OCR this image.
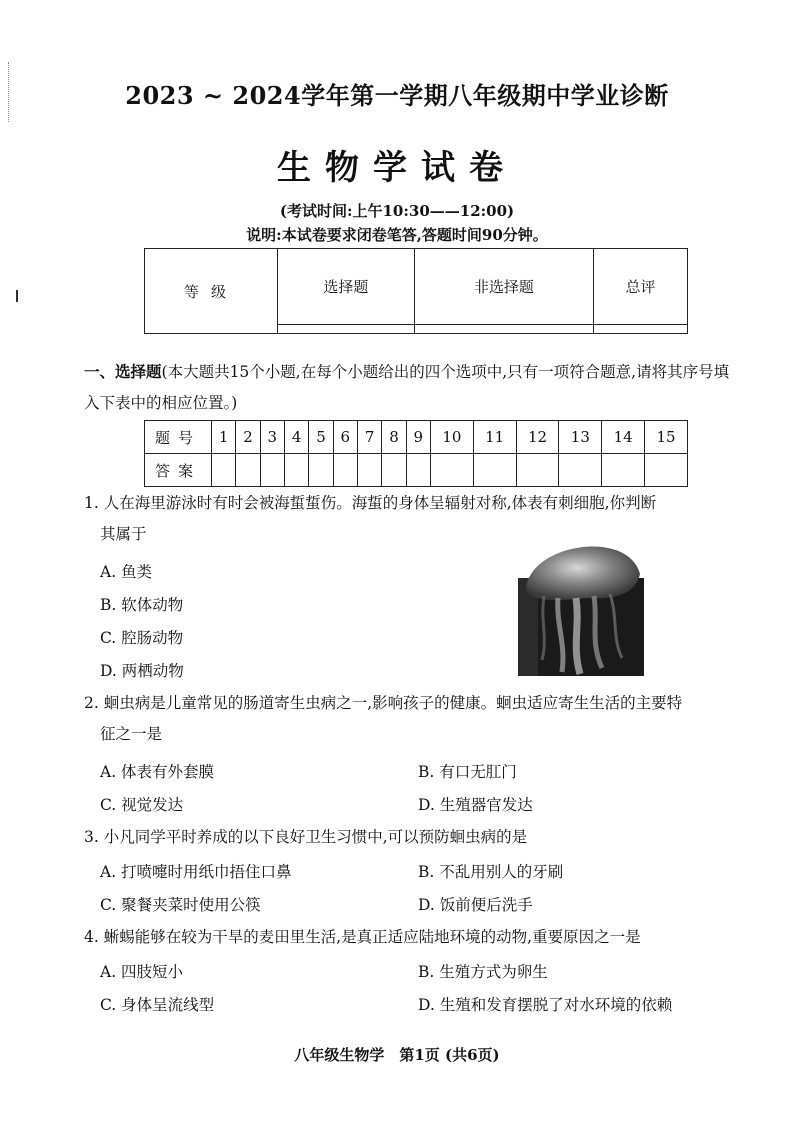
2023 ~ 2024学年第一学期八年级期中学业诊断
生物学试卷
(考试时间:上午10:30——12:00)
说明:本试卷要求闭卷笔答,答题时间90分钟。
等级	选择题	非选择题	总评

一、选择题(本大题共15个小题,在每个小题给出的四个选项中,只有一项符合题意,请将其序号填入下表中的相应位置。)
题号	1	2	3	4	5	6	7	8	9	10	11	12	13	14	15
答案															
1. 人在海里游泳时有时会被海蜇蜇伤。海蜇的身体呈辐射对称,体表有刺细胞,你判断
其属于
A. 鱼类
B. 软体动物
C. 腔肠动物
D. 两栖动物
2. 蛔虫病是儿童常见的肠道寄生虫病之一,影响孩子的健康。蛔虫适应寄生生活的主要特
征之一是
A. 体表有外套膜	B. 有口无肛门
C. 视觉发达	D. 生殖器官发达
3. 小凡同学平时养成的以下良好卫生习惯中,可以预防蛔虫病的是
A. 打喷嚏时用纸巾捂住口鼻	B. 不乱用别人的牙刷
C. 聚餐夹菜时使用公筷	D. 饭前便后洗手
4. 蜥蜴能够在较为干旱的麦田里生活,是真正适应陆地环境的动物,重要原因之一是
A. 四肢短小	B. 生殖方式为卵生
C. 身体呈流线型	D. 生殖和发育摆脱了对水环境的依赖
八年级生物学　第1页 (共6页)
